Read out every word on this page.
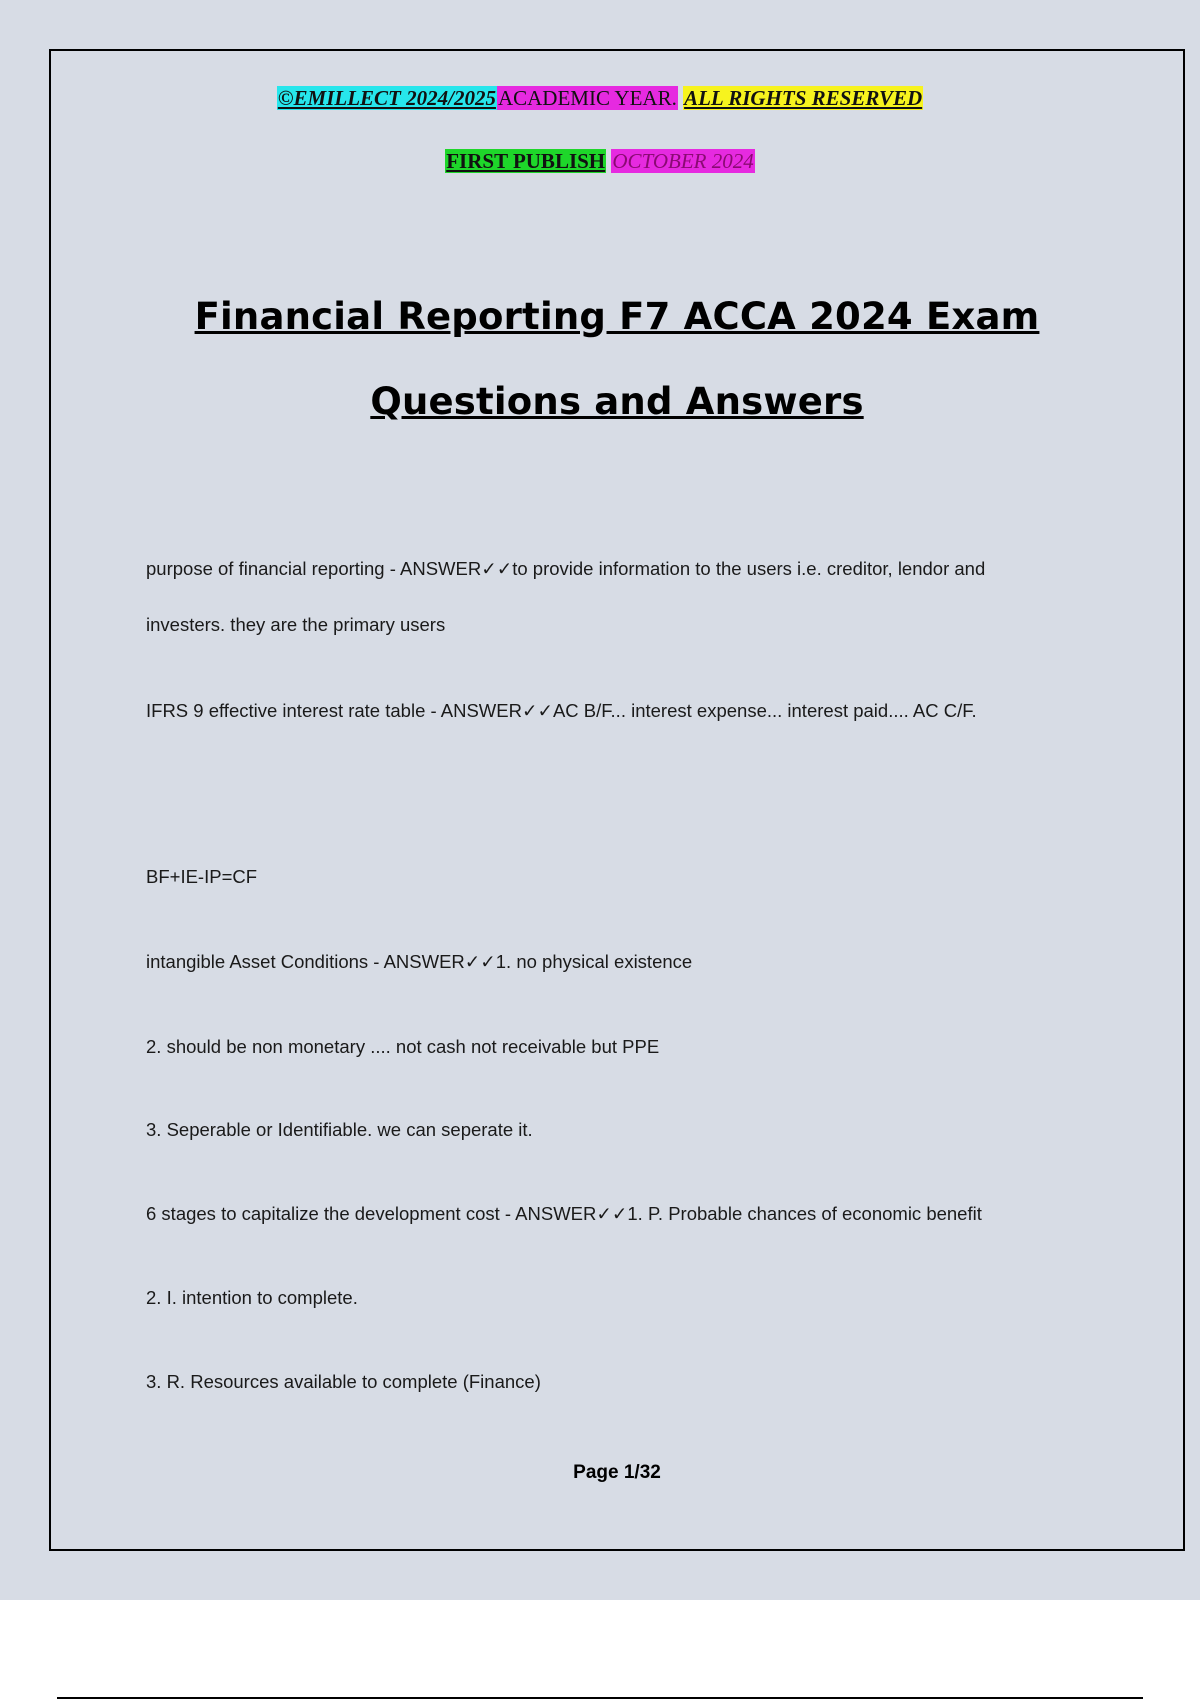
©EMILLECT 2024/2025ACADEMIC YEAR. ALL RIGHTS RESERVED
FIRST PUBLISH OCTOBER 2024
Financial Reporting F7 ACCA 2024 Exam
Questions and Answers
purpose of financial reporting - ANSWER✓✓to provide information to the users i.e. creditor, lendor and
investers. they are the primary users
IFRS 9 effective interest rate table - ANSWER✓✓AC B/F... interest expense... interest paid.... AC C/F.
BF+IE-IP=CF
intangible Asset Conditions - ANSWER✓✓1. no physical existence
2. should be non monetary .... not cash not receivable but PPE
3. Seperable or Identifiable. we can seperate it.
6 stages to capitalize the development cost - ANSWER✓✓1. P. Probable chances of economic benefit
2. I. intention to complete.
3. R. Resources available to complete (Finance)
Page 1/32
